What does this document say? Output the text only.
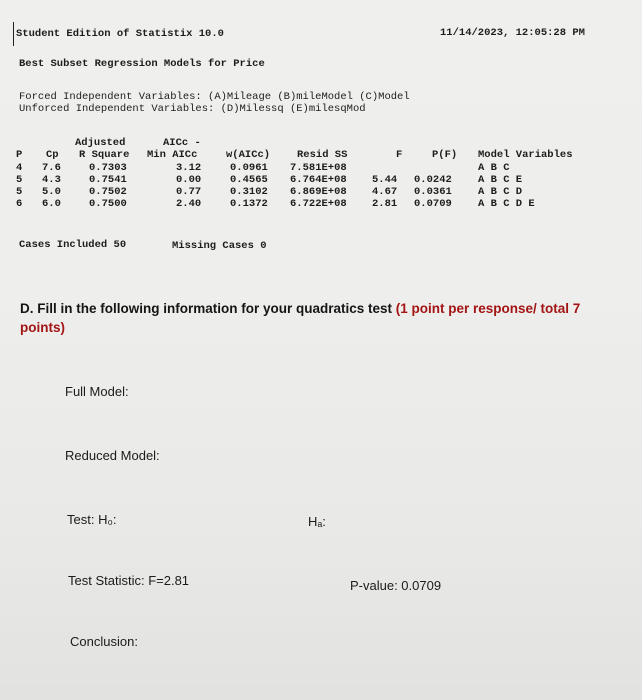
Student Edition of Statistix 10.0	11/14/2023, 12:05:28 PM
Best Subset Regression Models for Price
Forced Independent Variables: (A)Mileage (B)mileModel (C)Model
Unforced Independent Variables: (D)Milessq (E)milesqMod
Adjusted	AICc -
P Cp R Square Min AICc	w(AICc)	Resid SS	F	P(F) Model Variables
4 7.6	0.7303	3.12	0.0961 7.581E+08	A B C
5 4.3	0.7541	0.00	0.4565 6.764E+08 5.44 0.0242 A B C E
5 5.0	0.7502	0.77	0.3102 6.869E+08 4.67 0.0361 A B C D
6 6.0	0.7500	2.40	0.1372 6.722E+08 2.81 0.0709 A B C D E
Cases Included 50	Missing Cases 0
D. Fill in the following information for your quadratics test (1 point per response/ total 7 points)
Full Model:
Reduced Model:
Test: H₀:	Hₐ:
Test Statistic: F=2.81	P-value: 0.0709
Conclusion:
